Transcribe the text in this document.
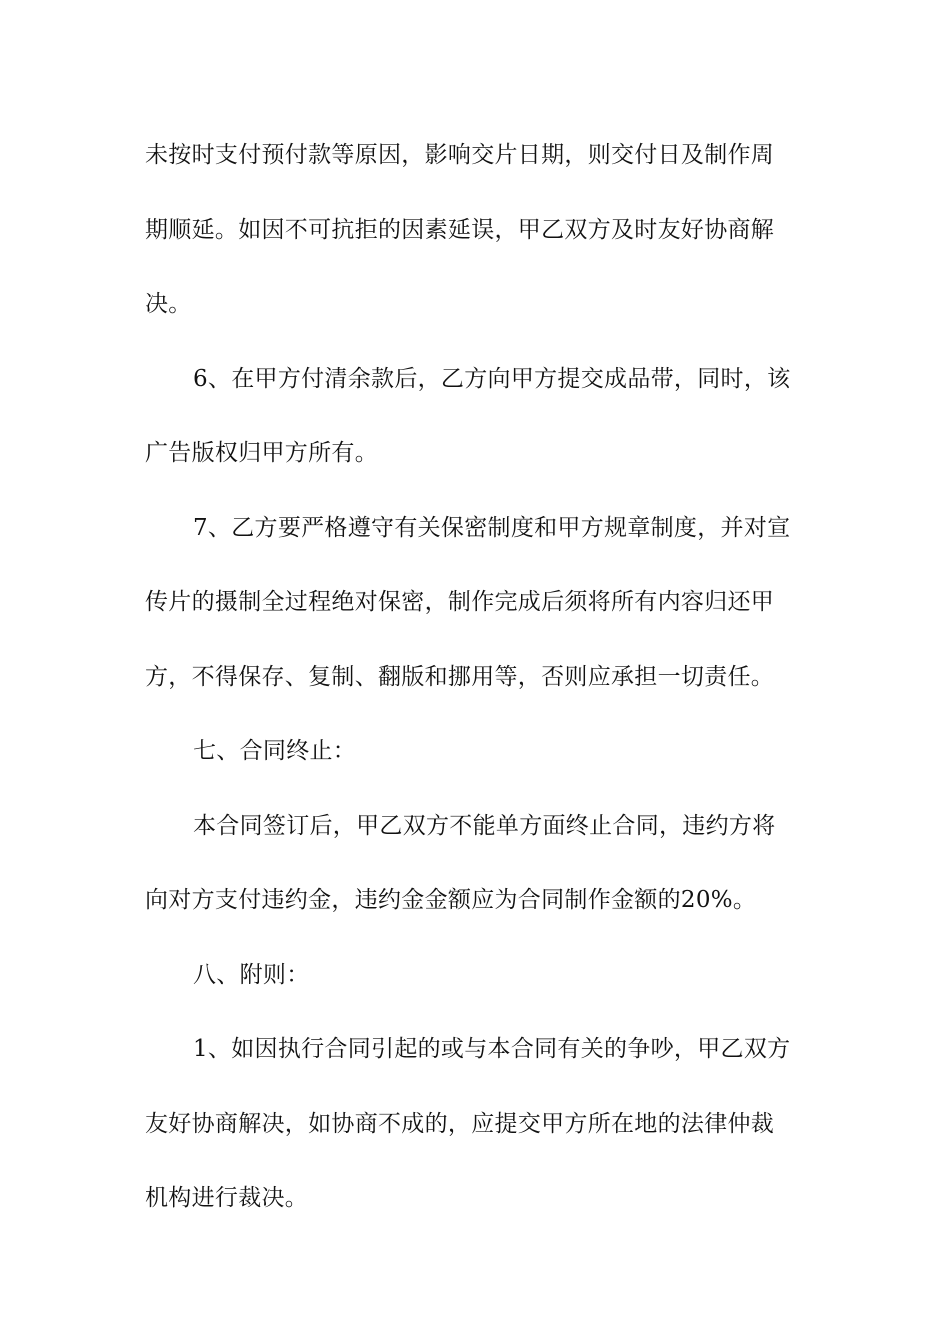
未按时支付预付款等原因，影响交片日期，则交付日及制作周
期顺延。如因不可抗拒的因素延误，甲乙双方及时友好协商解
决。
6、在甲方付清余款后，乙方向甲方提交成品带，同时，该
广告版权归甲方所有。
7、乙方要严格遵守有关保密制度和甲方规章制度，并对宣
传片的摄制全过程绝对保密，制作完成后须将所有内容归还甲
方，不得保存、复制、翻版和挪用等，否则应承担一切责任。
七、合同终止：
本合同签订后，甲乙双方不能单方面终止合同，违约方将
向对方支付违约金，违约金金额应为合同制作金额的20%。
八、附则：
1、如因执行合同引起的或与本合同有关的争吵，甲乙双方
友好协商解决，如协商不成的，应提交甲方所在地的法律仲裁
机构进行裁决。
